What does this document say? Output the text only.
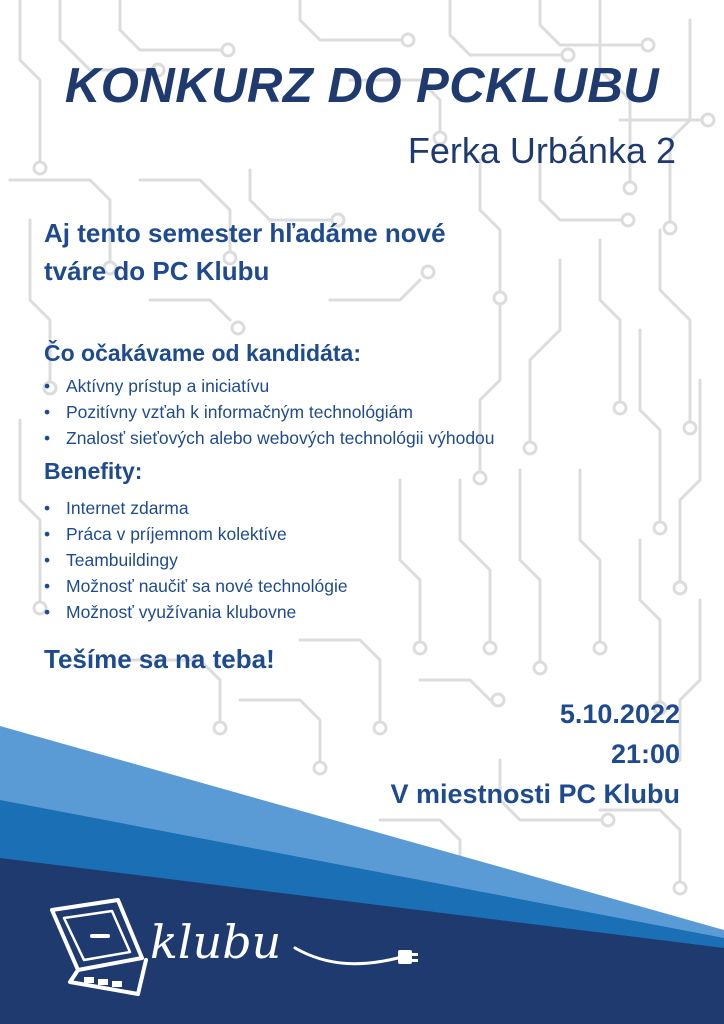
KONKURZ DO PCKLUBU
Ferka Urbánka 2
Aj tento semester hľadáme nové
tváre do PC Klubu
Čo očakávame od kandidáta:
• Aktívny prístup a iniciatívu
• Pozitívny vzťah k informačným technológiám
• Znalosť sieťových alebo webových technológii výhodou
Benefity:
• Internet zdarma
• Práca v príjemnom kolektíve
• Teambuildingy
• Možnosť naučiť sa nové technológie
• Možnosť využívania klubovne
Tešíme sa na teba!
5.10.2022
21:00
V miestnosti PC Klubu
klubu
